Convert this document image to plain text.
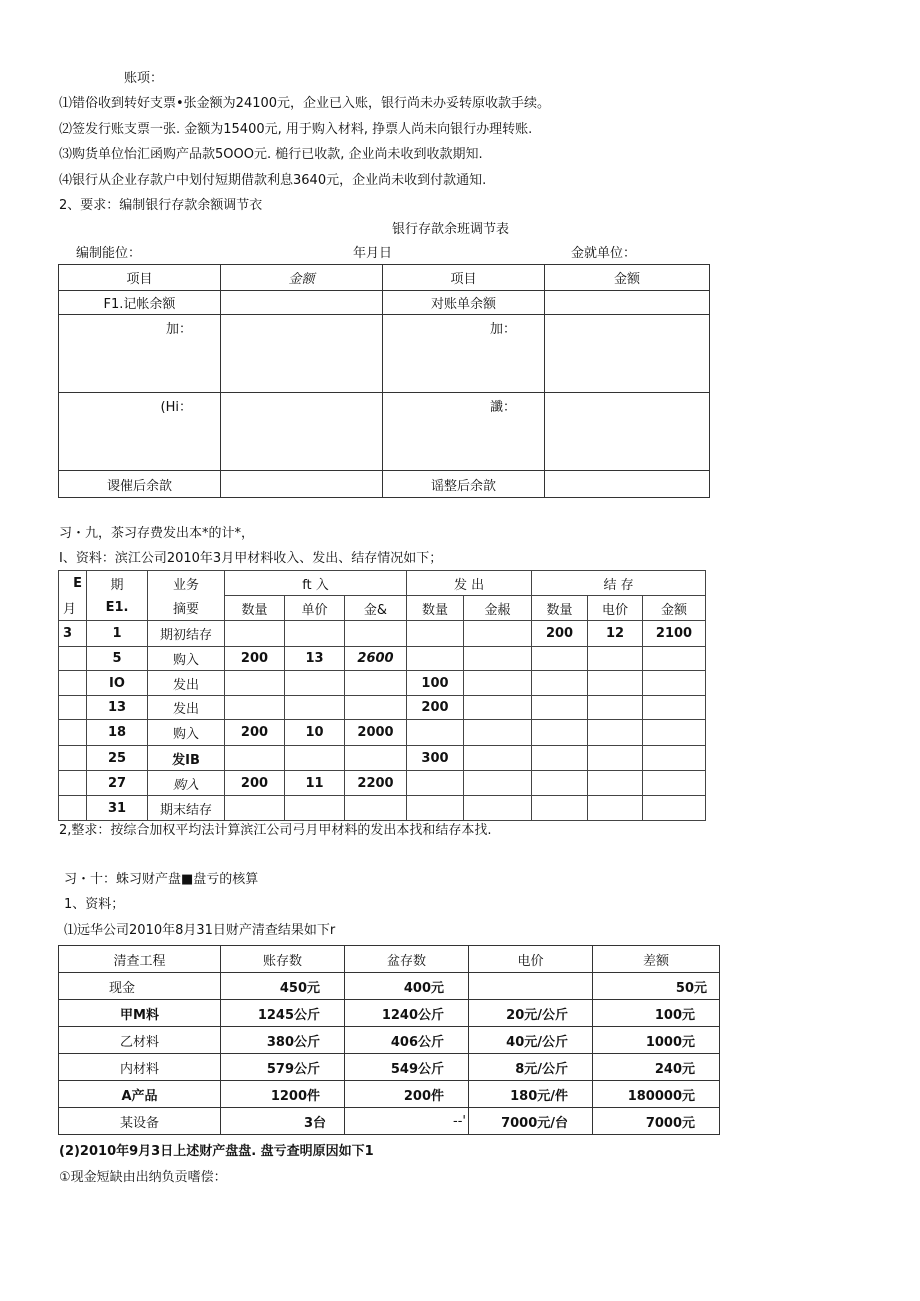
账项：
⑴错俗收到转好支票•张金额为24100元，企业已入账，银行尚未办妥转原收款手续。
⑵签发行账支票一张. 金额为15400元, 用于购入材料, 挣票人尚未向银行办理转账.
⑶购货单位怡汇函购产品款5OOO元. 槌行已收款, 企业尚未收到收款期知.
⑷银行从企业存款户中划付短期借款利息3640元，企业尚未收到付款通知.
2、要求：编制银行存款余额调节衣
银行存歆余班调节表
编制能位：	年月日	金就单位：
项目	金额	项目	金额
F1.记帐余额		对账单余额	
加：		加：	
(Hi：		讖：	
谡催后余歆		谣整后余歆	
习・九，茶习存费发出本*的计*，
I、资料：滨江公司2010年3月甲材料收入、发出、结存情况如下；
E	期	业务	ft 入			发 出		结 存		
月	E1.	摘要	数量	单价	金&	数量	金赧	数量	电价	金额
3	1	期初结存						200	12	2100
	5	购入	200	13	2600					
	IO	发出				100				
	13	发出				200				
	18	购入	200	10	2000					
	25	发IB				300				
	27	购入	200	11	2200					
	31	期末结存								
2,整求：按综合加权平均法计算滨江公司弓月甲材料的发出本找和结存本找.
习・十：蛛习财产盘■盘亏的核算
1、资料；
⑴远华公司2010年8月31日财产清查结果如下r
清查工程	账存数	盆存数	电价	差额
现金	450元	400元		50元
甲M料	1245公斤	1240公斤	20元/公斤	100元
乙材料	380公斤	406公斤	40元/公斤	1000元
内材料	579公斤	549公斤	8元/公斤	240元
A产品	1200件	200件	180元/件	180000元
某设备	3台	--'	7000元/台	7000元
(2)2010年9月3日上述财产盘盘. 盘亏查明原因如下1
①现金短缺由出纳负贡嗜偿：
